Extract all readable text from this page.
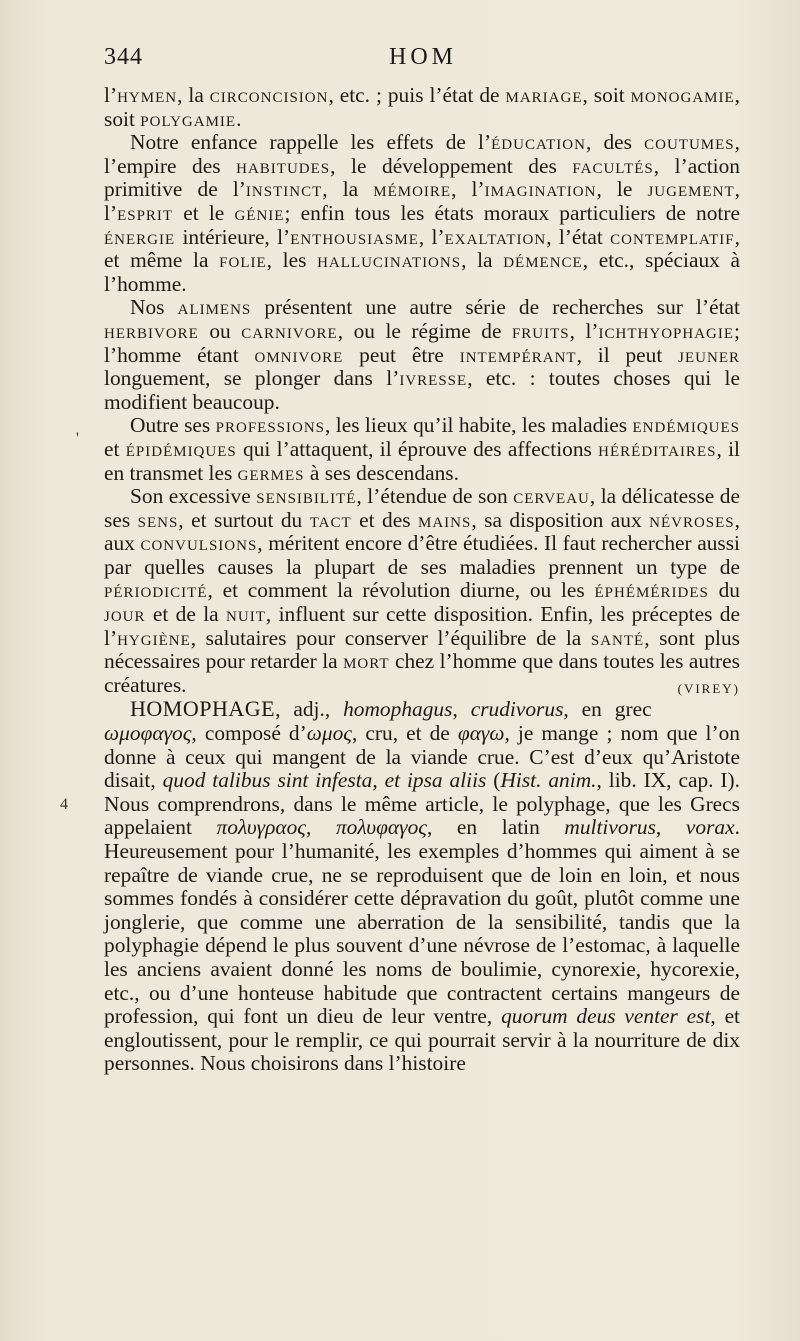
344	HOM
'
4

l’hymen, la circoncision, etc. ; puis l’état de mariage, soit monogamie, soit polygamie.

Notre enfance rappelle les effets de l’éducation, des coutumes, l’empire des habitudes, le développement des facultés, l’action primitive de l’instinct, la mémoire, l’imagination, le jugement, l’esprit et le génie; enfin tous les états moraux particuliers de notre énergie intérieure, l’enthousiasme, l’exaltation, l’état contemplatif, et même la folie, les hallucinations, la démence, etc., spéciaux à l’homme.

Nos alimens présentent une autre série de recherches sur l’état herbivore ou carnivore, ou le régime de fruits, l’ichthyophagie; l’homme étant omnivore peut être intempérant, il peut jeuner longuement, se plonger dans l’ivresse, etc. : toutes choses qui le modifient beaucoup.

Outre ses professions, les lieux qu’il habite, les maladies endémiques et épidémiques qui l’attaquent, il éprouve des affections héréditaires, il en transmet les germes à ses descendans.

Son excessive sensibilité, l’étendue de son cerveau, la délicatesse de ses sens, et surtout du tact et des mains, sa disposition aux névroses, aux convulsions, méritent encore d’être étudiées. Il faut rechercher aussi par quelles causes la plupart de ses maladies prennent un type de périodicité, et comment la révolution diurne, ou les éphémérides du jour et de la nuit, influent sur cette disposition. Enfin, les préceptes de l’hygiène, salutaires pour conserver l’équilibre de la santé, sont plus nécessaires pour retarder la mort chez l’homme que dans toutes les autres créatures.	(VIREY)

HOMOPHAGE, adj., homophagus, crudivorus, en grec ωμοφαγος, composé d’ωμος, cru, et de φαγω, je mange ; nom que l’on donne à ceux qui mangent de la viande crue. C’est d’eux qu’Aristote disait, quod talibus sint infesta, et ipsa aliis (Hist. anim., lib. IX, cap. I). Nous comprendrons, dans le même article, le polyphage, que les Grecs appelaient πολυγραος, πολυφαγος, en latin multivorus, vorax. Heureusement pour l’humanité, les exemples d’hommes qui aiment à se repaître de viande crue, ne se reproduisent que de loin en loin, et nous sommes fondés à considérer cette dépravation du goût, plutôt comme une jonglerie, que comme une aberration de la sensibilité, tandis que la polyphagie dépend le plus souvent d’une névrose de l’estomac, à laquelle les anciens avaient donné les noms de boulimie, cynorexie, hycorexie, etc., ou d’une honteuse habitude que contractent certains mangeurs de profession, qui font un dieu de leur ventre, quorum deus venter est, et engloutissent, pour le remplir, ce qui pourrait servir à la nourriture de dix personnes. Nous choisirons dans l’histoire
